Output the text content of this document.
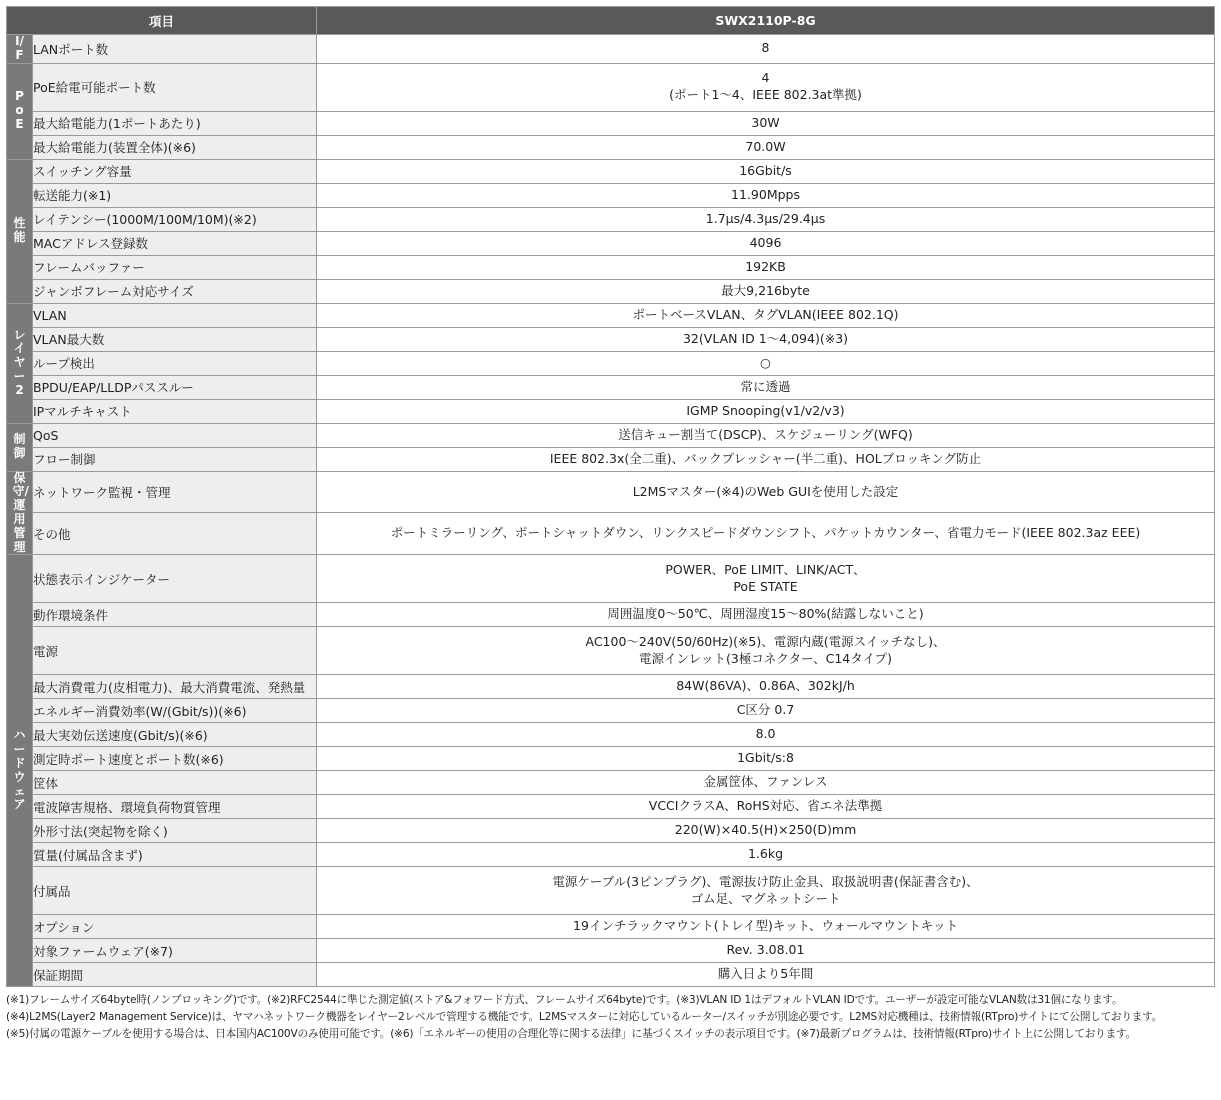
項目		SWX2110P-8G
I/F	LANポート数	8

PoE	PoE給電可能ポート数	4
(ポート1〜4、IEEE 802.3at準拠)

	最大給電能力(1ポートあたり)	30W

	最大給電能力(装置全体)(※6)	70.0W

性能	スイッチング容量	16Gbit/s

	転送能力(※1)	11.90Mpps

	レイテンシー(1000M/100M/10M)(※2)	1.7μs/4.3μs/29.4μs

	MACアドレス登録数	4096

	フレームバッファー	192KB

	ジャンボフレーム対応サイズ	最大9,216byte

レイヤー2	VLAN	ポートベースVLAN、タグVLAN(IEEE 802.1Q)

	VLAN最大数	32(VLAN ID 1〜4,094)(※3)

	ループ検出	○

	BPDU/EAP/LLDPパススルー	常に透過

	IPマルチキャスト	IGMP Snooping(v1/v2/v3)

制御	QoS	送信キュー割当て(DSCP)、スケジューリング(WFQ)

	フロー制御	IEEE 802.3x(全二重)、バックプレッシャー(半二重)、HOLブロッキング防止

保守/運用管理	ネットワーク監視・管理	L2MSマスター(※4)のWeb GUIを使用した設定

	その他	ポートミラーリング、ポートシャットダウン、リンクスピードダウンシフト、パケットカウンター、省電力モード(IEEE 802.3az EEE)

ハードウェア	状態表示インジケーター	POWER、PoE LIMIT、LINK/ACT、
PoE STATE

	動作環境条件	周囲温度0〜50℃、周囲湿度15〜80%(結露しないこと)

	電源	AC100〜240V(50/60Hz)(※5)、電源内蔵(電源スイッチなし)、
電源インレット(3極コネクター、C14タイプ)

	最大消費電力(皮相電力)、最大消費電流、発熱量	84W(86VA)、0.86A、302kJ/h

	エネルギー消費効率(W/(Gbit/s))(※6)	C区分 0.7

	最大実効伝送速度(Gbit/s)(※6)	8.0

	測定時ポート速度とポート数(※6)	1Gbit/s:8

	筐体	金属筐体、ファンレス

	電波障害規格、環境負荷物質管理	VCCIクラスA、RoHS対応、省エネ法準拠

	外形寸法(突起物を除く)	220(W)×40.5(H)×250(D)mm

	質量(付属品含まず)	1.6kg

	付属品	電源ケーブル(3ピンプラグ)、電源抜け防止金具、取扱説明書(保証書含む)、
ゴム足、マグネットシート

	オプション	19インチラックマウント(トレイ型)キット、ウォールマウントキット

	対象ファームウェア(※7)	Rev. 3.08.01

	保証期間	購入日より5年間
(※1)フレームサイズ64byte時(ノンブロッキング)です。(※2)RFC2544に準じた測定値(ストア&フォワード方式、フレームサイズ64byte)です。(※3)VLAN ID 1はデフォルトVLAN IDです。ユーザーが設定可能なVLAN数は31個になります。
(※4)L2MS(Layer2 Management Service)は、ヤマハネットワーク機器をレイヤー2レベルで管理する機能です。L2MSマスターに対応しているルーター/スイッチが別途必要です。L2MS対応機種は、技術情報(RTpro)サイトにて公開しております。
(※5)付属の電源ケーブルを使用する場合は、日本国内AC100Vのみ使用可能です。(※6)「エネルギーの使用の合理化等に関する法律」に基づくスイッチの表示項目です。(※7)最新プログラムは、技術情報(RTpro)サイト上に公開しております。
